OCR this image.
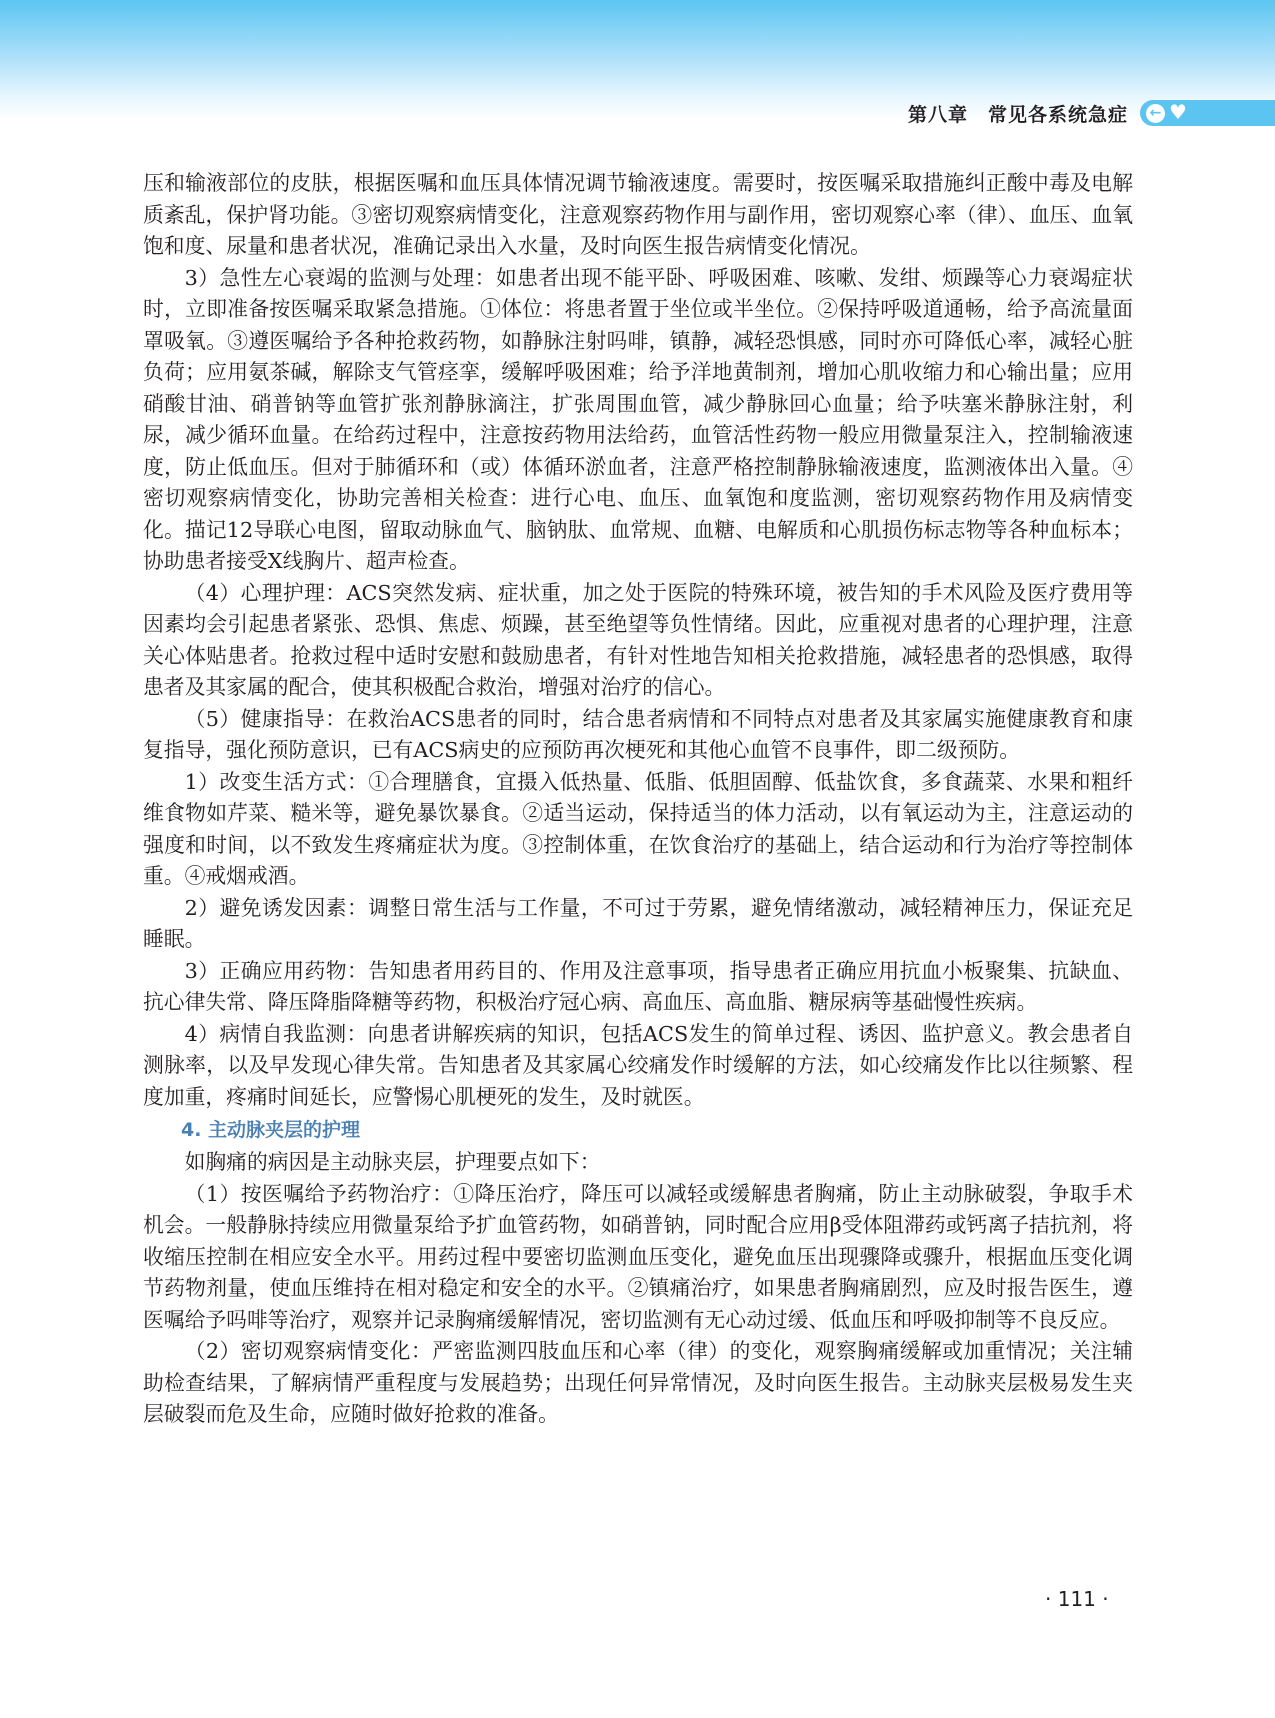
第八章　常见各系统急症	← ♥

压和输液部位的皮肤，根据医嘱和血压具体情况调节输液速度。需要时，按医嘱采取措施纠正酸中毒及电解质紊乱，保护肾功能。③密切观察病情变化，注意观察药物作用与副作用，密切观察心率（律）、血压、血氧饱和度、尿量和患者状况，准确记录出入水量，及时向医生报告病情变化情况。

3）急性左心衰竭的监测与处理：如患者出现不能平卧、呼吸困难、咳嗽、发绀、烦躁等心力衰竭症状时，立即准备按医嘱采取紧急措施。①体位：将患者置于坐位或半坐位。②保持呼吸道通畅，给予高流量面罩吸氧。③遵医嘱给予各种抢救药物，如静脉注射吗啡，镇静，减轻恐惧感，同时亦可降低心率，减轻心脏负荷；应用氨茶碱，解除支气管痉挛，缓解呼吸困难；给予洋地黄制剂，增加心肌收缩力和心输出量；应用硝酸甘油、硝普钠等血管扩张剂静脉滴注，扩张周围血管，减少静脉回心血量；给予呋塞米静脉注射，利尿，减少循环血量。在给药过程中，注意按药物用法给药，血管活性药物一般应用微量泵注入，控制输液速度，防止低血压。但对于肺循环和（或）体循环淤血者，注意严格控制静脉输液速度，监测液体出入量。④密切观察病情变化，协助完善相关检查：进行心电、血压、血氧饱和度监测，密切观察药物作用及病情变化。描记12导联心电图，留取动脉血气、脑钠肽、血常规、血糖、电解质和心肌损伤标志物等各种血标本；协助患者接受X线胸片、超声检查。

（4）心理护理：ACS突然发病、症状重，加之处于医院的特殊环境，被告知的手术风险及医疗费用等因素均会引起患者紧张、恐惧、焦虑、烦躁，甚至绝望等负性情绪。因此，应重视对患者的心理护理，注意关心体贴患者。抢救过程中适时安慰和鼓励患者，有针对性地告知相关抢救措施，减轻患者的恐惧感，取得患者及其家属的配合，使其积极配合救治，增强对治疗的信心。

（5）健康指导：在救治ACS患者的同时，结合患者病情和不同特点对患者及其家属实施健康教育和康复指导，强化预防意识，已有ACS病史的应预防再次梗死和其他心血管不良事件，即二级预防。

1）改变生活方式：①合理膳食，宜摄入低热量、低脂、低胆固醇、低盐饮食，多食蔬菜、水果和粗纤维食物如芹菜、糙米等，避免暴饮暴食。②适当运动，保持适当的体力活动，以有氧运动为主，注意运动的强度和时间，以不致发生疼痛症状为度。③控制体重，在饮食治疗的基础上，结合运动和行为治疗等控制体重。④戒烟戒酒。

2）避免诱发因素：调整日常生活与工作量，不可过于劳累，避免情绪激动，减轻精神压力，保证充足睡眠。

3）正确应用药物：告知患者用药目的、作用及注意事项，指导患者正确应用抗血小板聚集、抗缺血、抗心律失常、降压降脂降糖等药物，积极治疗冠心病、高血压、高血脂、糖尿病等基础慢性疾病。

4）病情自我监测：向患者讲解疾病的知识，包括ACS发生的简单过程、诱因、监护意义。教会患者自测脉率，以及早发现心律失常。告知患者及其家属心绞痛发作时缓解的方法，如心绞痛发作比以往频繁、程度加重，疼痛时间延长，应警惕心肌梗死的发生，及时就医。

4. 主动脉夹层的护理

如胸痛的病因是主动脉夹层，护理要点如下：

（1）按医嘱给予药物治疗：①降压治疗，降压可以减轻或缓解患者胸痛，防止主动脉破裂，争取手术机会。一般静脉持续应用微量泵给予扩血管药物，如硝普钠，同时配合应用β受体阻滞药或钙离子拮抗剂，将收缩压控制在相应安全水平。用药过程中要密切监测血压变化，避免血压出现骤降或骤升，根据血压变化调节药物剂量，使血压维持在相对稳定和安全的水平。②镇痛治疗，如果患者胸痛剧烈，应及时报告医生，遵医嘱给予吗啡等治疗，观察并记录胸痛缓解情况，密切监测有无心动过缓、低血压和呼吸抑制等不良反应。

（2）密切观察病情变化：严密监测四肢血压和心率（律）的变化，观察胸痛缓解或加重情况；关注辅助检查结果，了解病情严重程度与发展趋势；出现任何异常情况，及时向医生报告。主动脉夹层极易发生夹层破裂而危及生命，应随时做好抢救的准备。

· 111 ·
